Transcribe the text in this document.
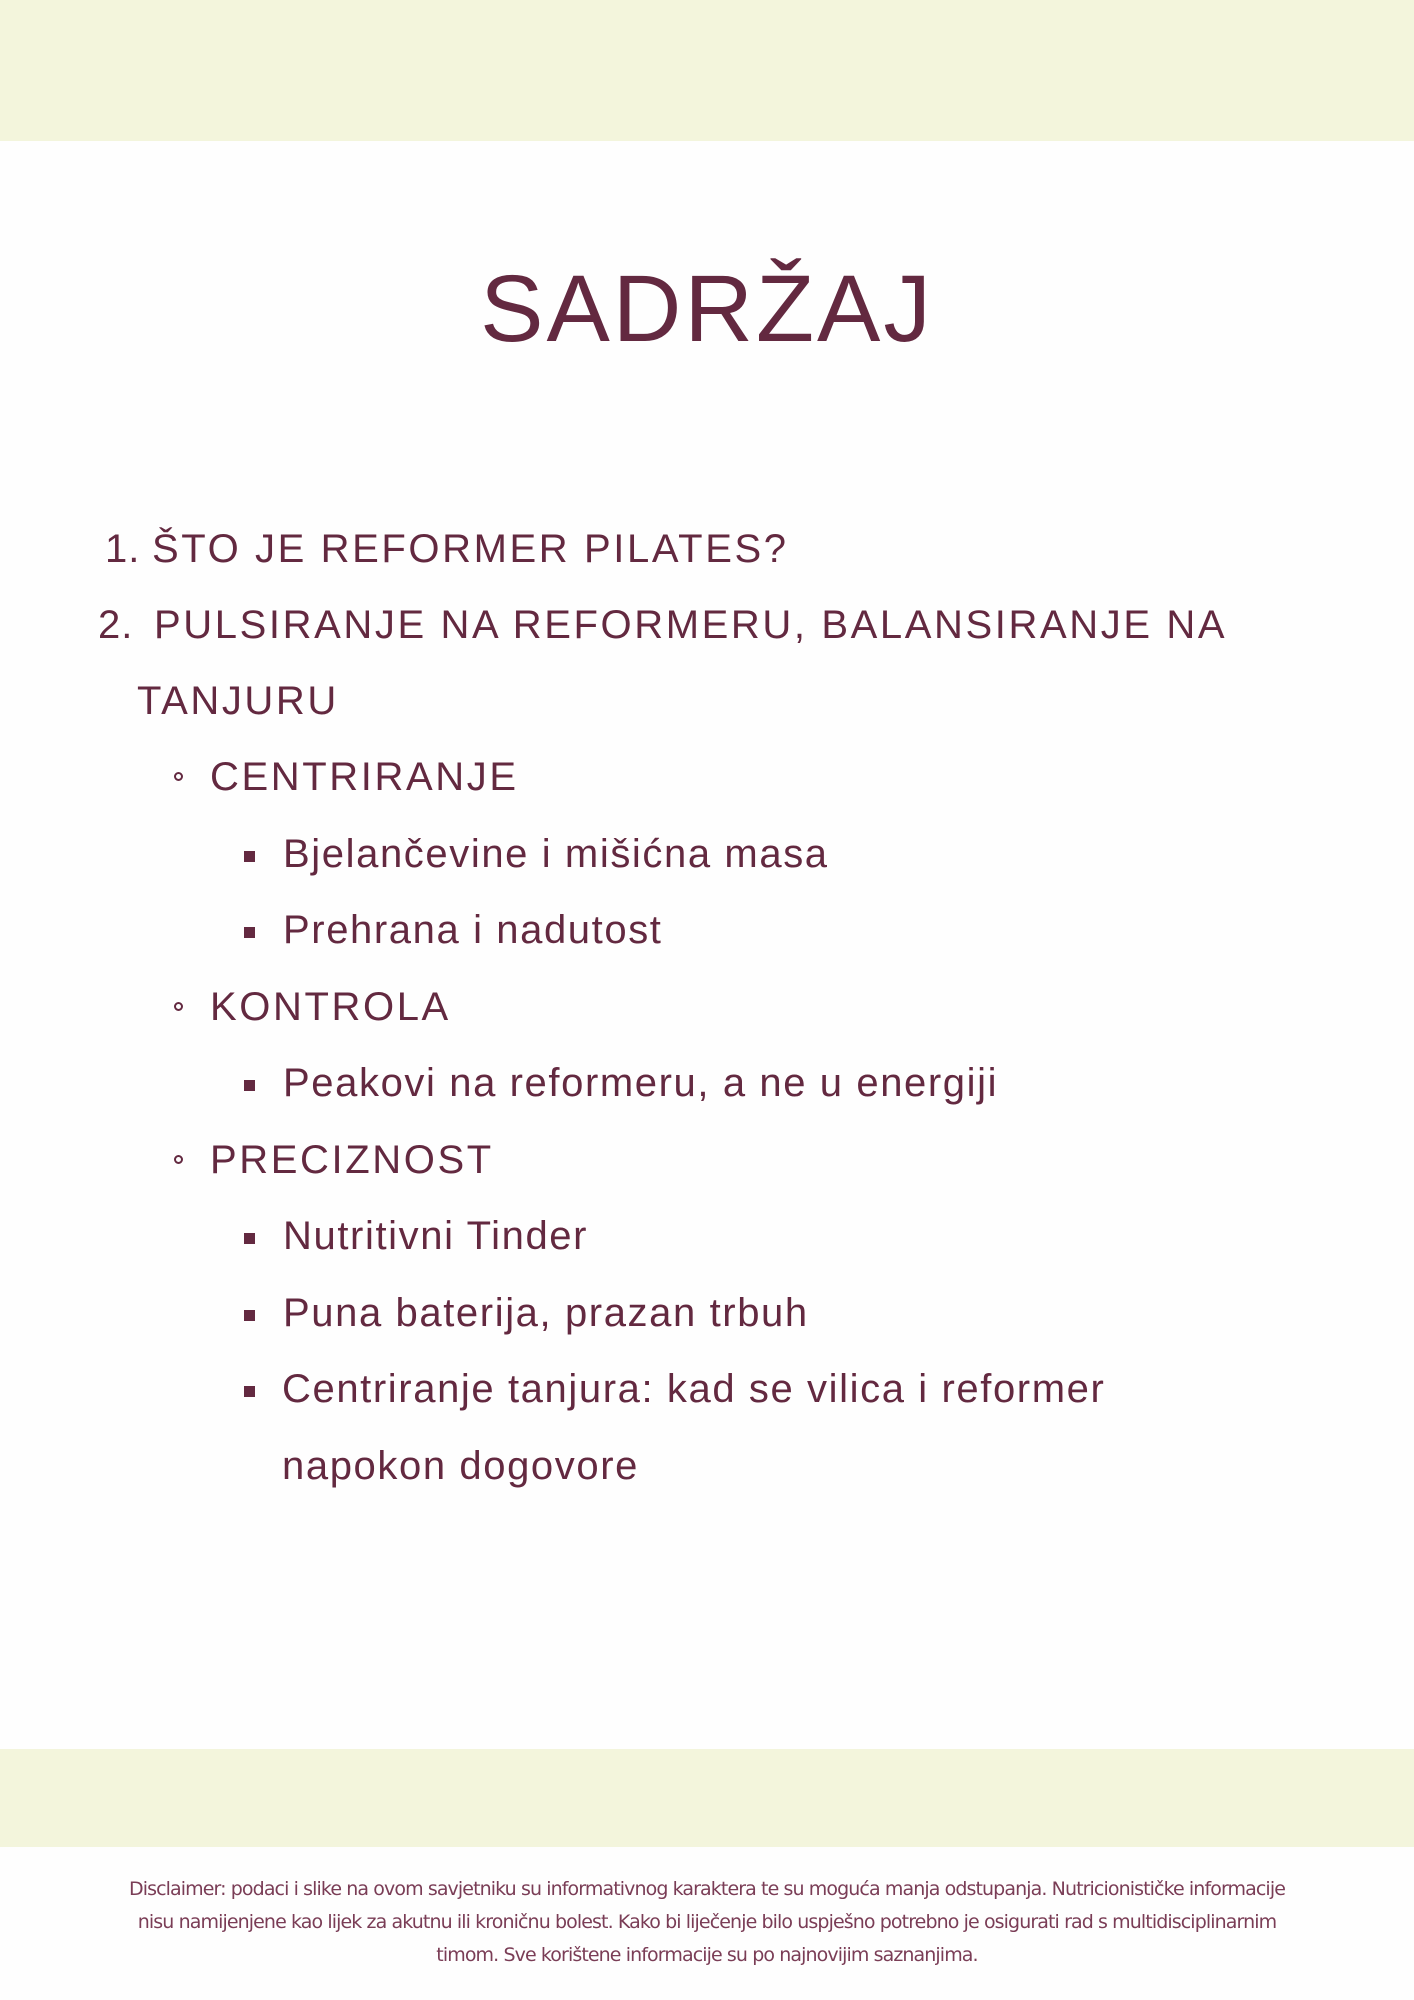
SADRŽAJ
1. ŠTO JE REFORMER PILATES?
2. PULSIRANJE NA REFORMERU, BALANSIRANJE NA
TANJURU
CENTRIRANJE
Bjelančevine i mišićna masa
Prehrana i nadutost
KONTROLA
Peakovi na reformeru, a ne u energiji
PRECIZNOST
Nutritivni Tinder
Puna baterija, prazan trbuh
Centriranje tanjura: kad se vilica i reformer
napokon dogovore
Disclaimer: podaci i slike na ovom savjetniku su informativnog karaktera te su moguća manja odstupanja. Nutricionističke informacije
nisu namijenjene kao lijek za akutnu ili kroničnu bolest. Kako bi liječenje bilo uspješno potrebno je osigurati rad s multidisciplinarnim
timom. Sve korištene informacije su po najnovijim saznanjima.
